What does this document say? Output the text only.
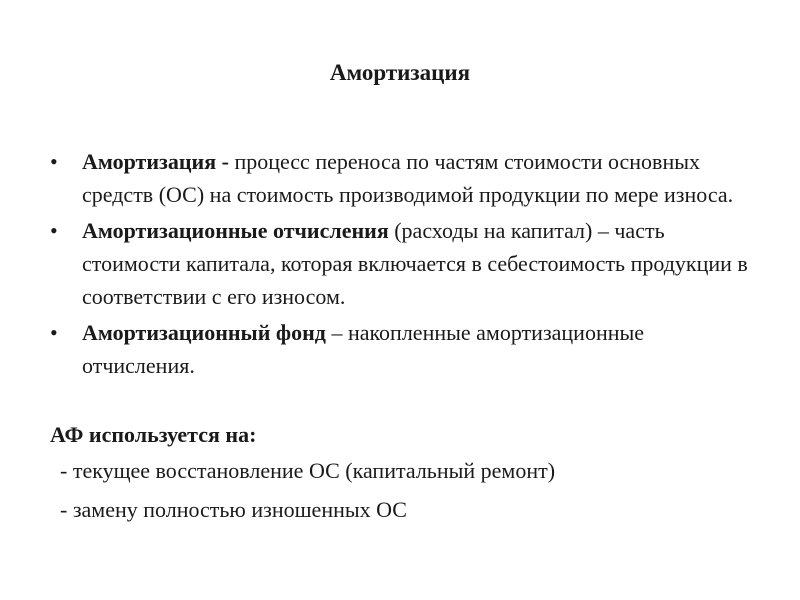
Амортизация
• Амортизация - процесс переноса по частям стоимости основных средств (ОС) на стоимость производимой продукции по мере износа.
• Амортизационные отчисления (расходы на капитал) – часть стоимости капитала, которая включается в себестоимость продукции в соответствии с его износом.
• Амортизационный фонд – накопленные амортизационные отчисления.
АФ используется на:
- текущее восстановление ОС (капитальный ремонт)
- замену полностью изношенных ОС
